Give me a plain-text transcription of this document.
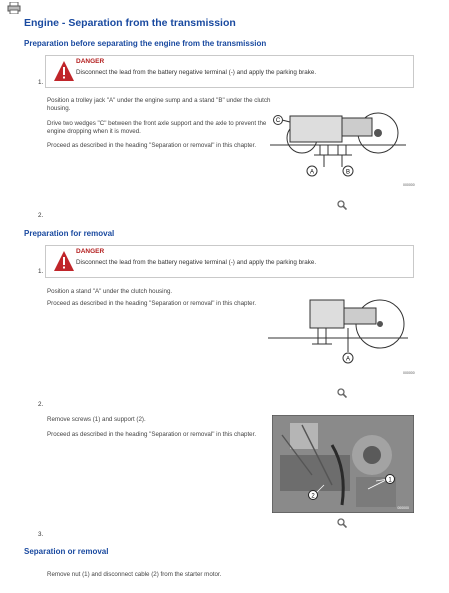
Engine - Separation from the transmission
Preparation before separating the engine from the transmission
DANGER
Disconnect the lead from the battery negative terminal (-) and apply the parking brake.
1.
Position a trolley jack "A" under the engine sump and a stand "B" under the clutch housing.
Drive two wedges "C" between the front axle support and the axle to prevent the engine dropping when it is moved.
Proceed as described in the heading "Separation or removal" in this chapter.
C
A	B
000000
2.
Preparation for removal
DANGER
Disconnect the lead from the battery negative terminal (-) and apply the parking brake.
1.
Position a stand "A" under the clutch housing.
Proceed as described in the heading "Separation or removal" in this chapter.
A
000000
2.
Remove screws (1) and support (2).
Proceed as described in the heading "Separation or removal" in this chapter.
1
2
000000
3.
Separation or removal
Remove nut (1) and disconnect cable (2) from the starter motor.
